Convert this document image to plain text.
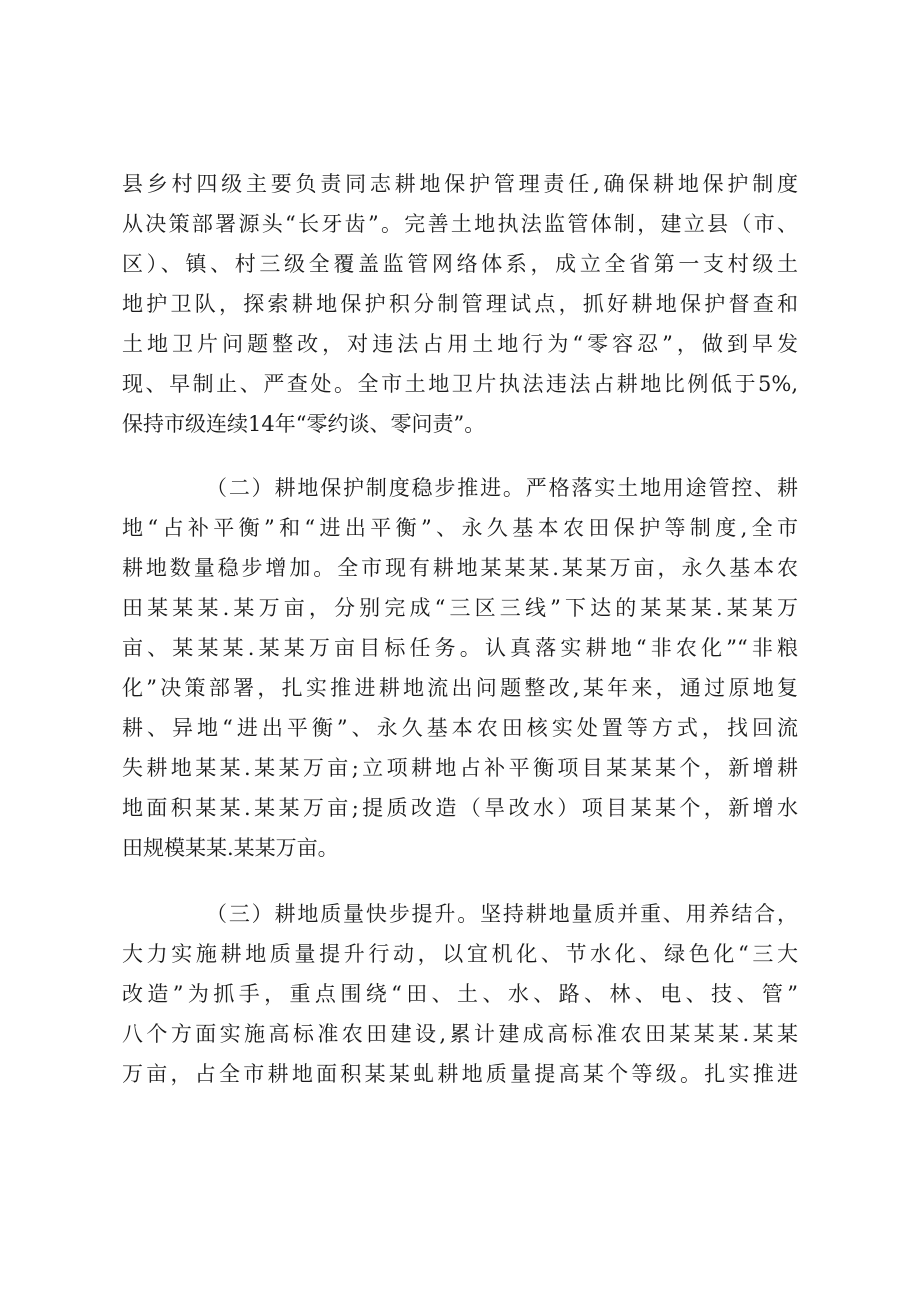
县乡村四级主要负责同志耕地保护管理责任,确保耕地保护制度
从决策部署源头“长牙齿”。完善土地执法监管体制，建立县（市、
区）、镇、村三级全覆盖监管网络体系，成立全省第一支村级土
地护卫队，探索耕地保护积分制管理试点，抓好耕地保护督查和
土地卫片问题整改，对违法占用土地行为“零容忍”，做到早发
现、早制止、严查处。全市土地卫片执法违法占耕地比例低于5%,
保持市级连续14年“零约谈、零问责”。
（二）耕地保护制度稳步推进。严格落实土地用途管控、耕
地“占补平衡”和“进出平衡”、永久基本农田保护等制度,全市
耕地数量稳步增加。全市现有耕地某某某.某某万亩，永久基本农
田某某某.某万亩，分别完成“三区三线”下达的某某某.某某万
亩、某某某.某某万亩目标任务。认真落实耕地“非农化”“非粮
化”决策部署，扎实推进耕地流出问题整改,某年来，通过原地复
耕、异地“进出平衡”、永久基本农田核实处置等方式，找回流
失耕地某某.某某万亩;立项耕地占补平衡项目某某某个，新增耕
地面积某某.某某万亩;提质改造（旱改水）项目某某个，新增水
田规模某某.某某万亩。
（三）耕地质量快步提升。坚持耕地量质并重、用养结合，
大力实施耕地质量提升行动，以宜机化、节水化、绿色化“三大
改造”为抓手，重点围绕“田、土、水、路、林、电、技、管”
八个方面实施高标准农田建设,累计建成高标准农田某某某.某某
万亩，占全市耕地面积某某虬耕地质量提高某个等级。扎实推进
